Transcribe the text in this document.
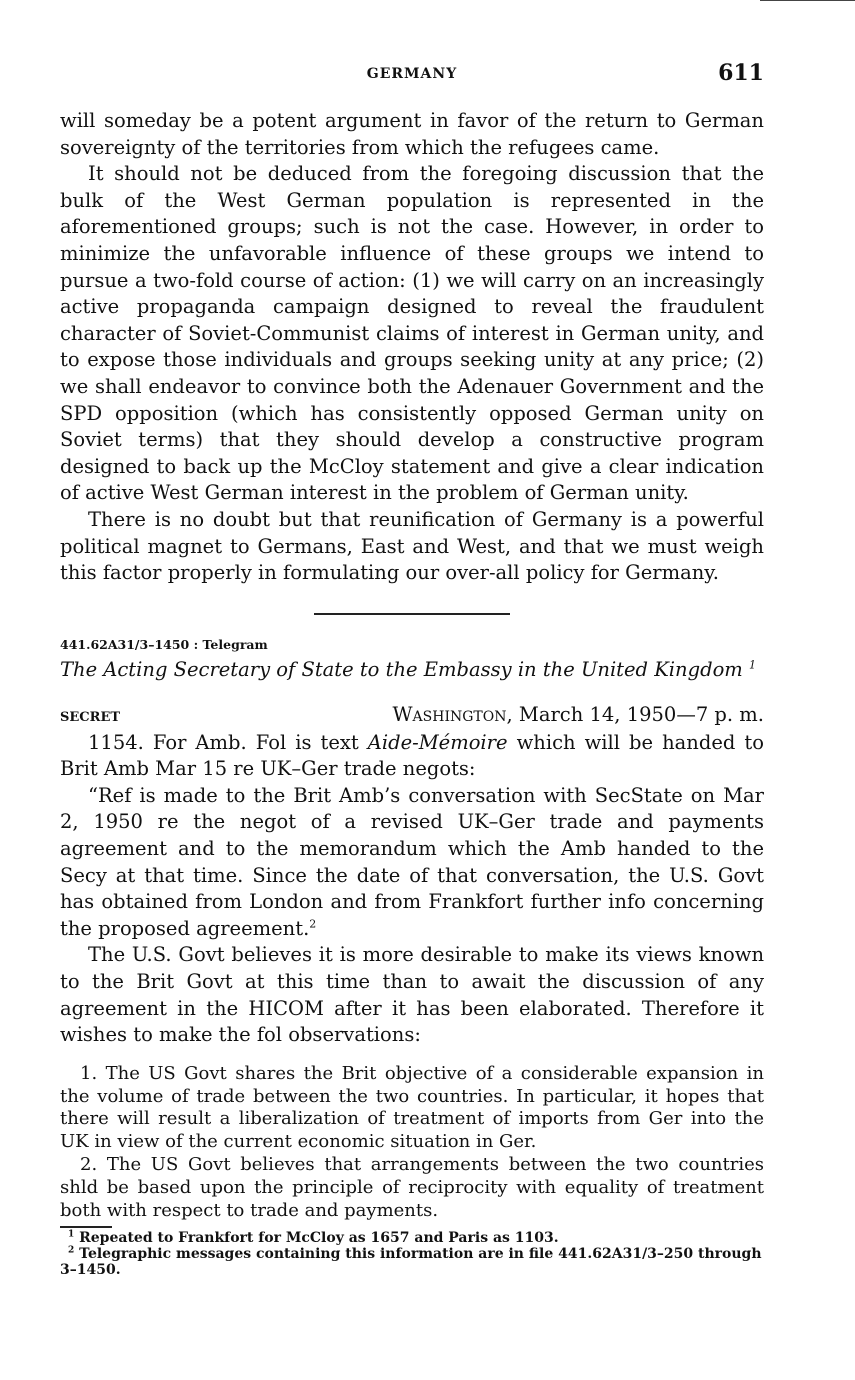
GERMANY	611

will someday be a potent argument in favor of the return to German sovereignty of the territories from which the refugees came.

It should not be deduced from the foregoing discussion that the bulk of the West German population is represented in the aforementioned groups; such is not the case. However, in order to minimize the unfavorable influence of these groups we intend to pursue a two-fold course of action: (1) we will carry on an increasingly active propaganda campaign designed to reveal the fraudulent character of Soviet-Communist claims of interest in German unity, and to expose those individuals and groups seeking unity at any price; (2) we shall endeavor to convince both the Adenauer Government and the SPD opposition (which has consistently opposed German unity on Soviet terms) that they should develop a constructive program designed to back up the McCloy statement and give a clear indication of active West German interest in the problem of German unity.

There is no doubt but that reunification of Germany is a powerful political magnet to Germans, East and West, and that we must weigh this factor properly in formulating our over-all policy for Germany.

441.62A31/3–1450 : Telegram
The Acting Secretary of State to the Embassy in the United Kingdom $^1$
SECRET	Washington, March 14, 1950—7 p. m.

1154. For Amb. Fol is text Aide-Mémoire which will be handed to Brit Amb Mar 15 re UK–Ger trade negots:

“Ref is made to the Brit Amb’s conversation with SecState on Mar 2, 1950 re the negot of a revised UK–Ger trade and payments agreement and to the memorandum which the Amb handed to the Secy at that time. Since the date of that conversation, the U.S. Govt has obtained from London and from Frankfort further info concerning the proposed agreement.$^2$

The U.S. Govt believes it is more desirable to make its views known to the Brit Govt at this time than to await the discussion of any agreement in the HICOM after it has been elaborated. Therefore it wishes to make the fol observations:

1. The US Govt shares the Brit objective of a considerable expansion in the volume of trade between the two countries. In particular, it hopes that there will result a liberalization of treatment of imports from Ger into the UK in view of the current economic situation in Ger.

2. The US Govt believes that arrangements between the two countries shld be based upon the principle of reciprocity with equality of treatment both with respect to trade and payments.

$^1$ Repeated to Frankfort for McCloy as 1657 and Paris as 1103.
$^2$ Telegraphic messages containing this information are in file 441.62A31/3–250 through 3–1450.
